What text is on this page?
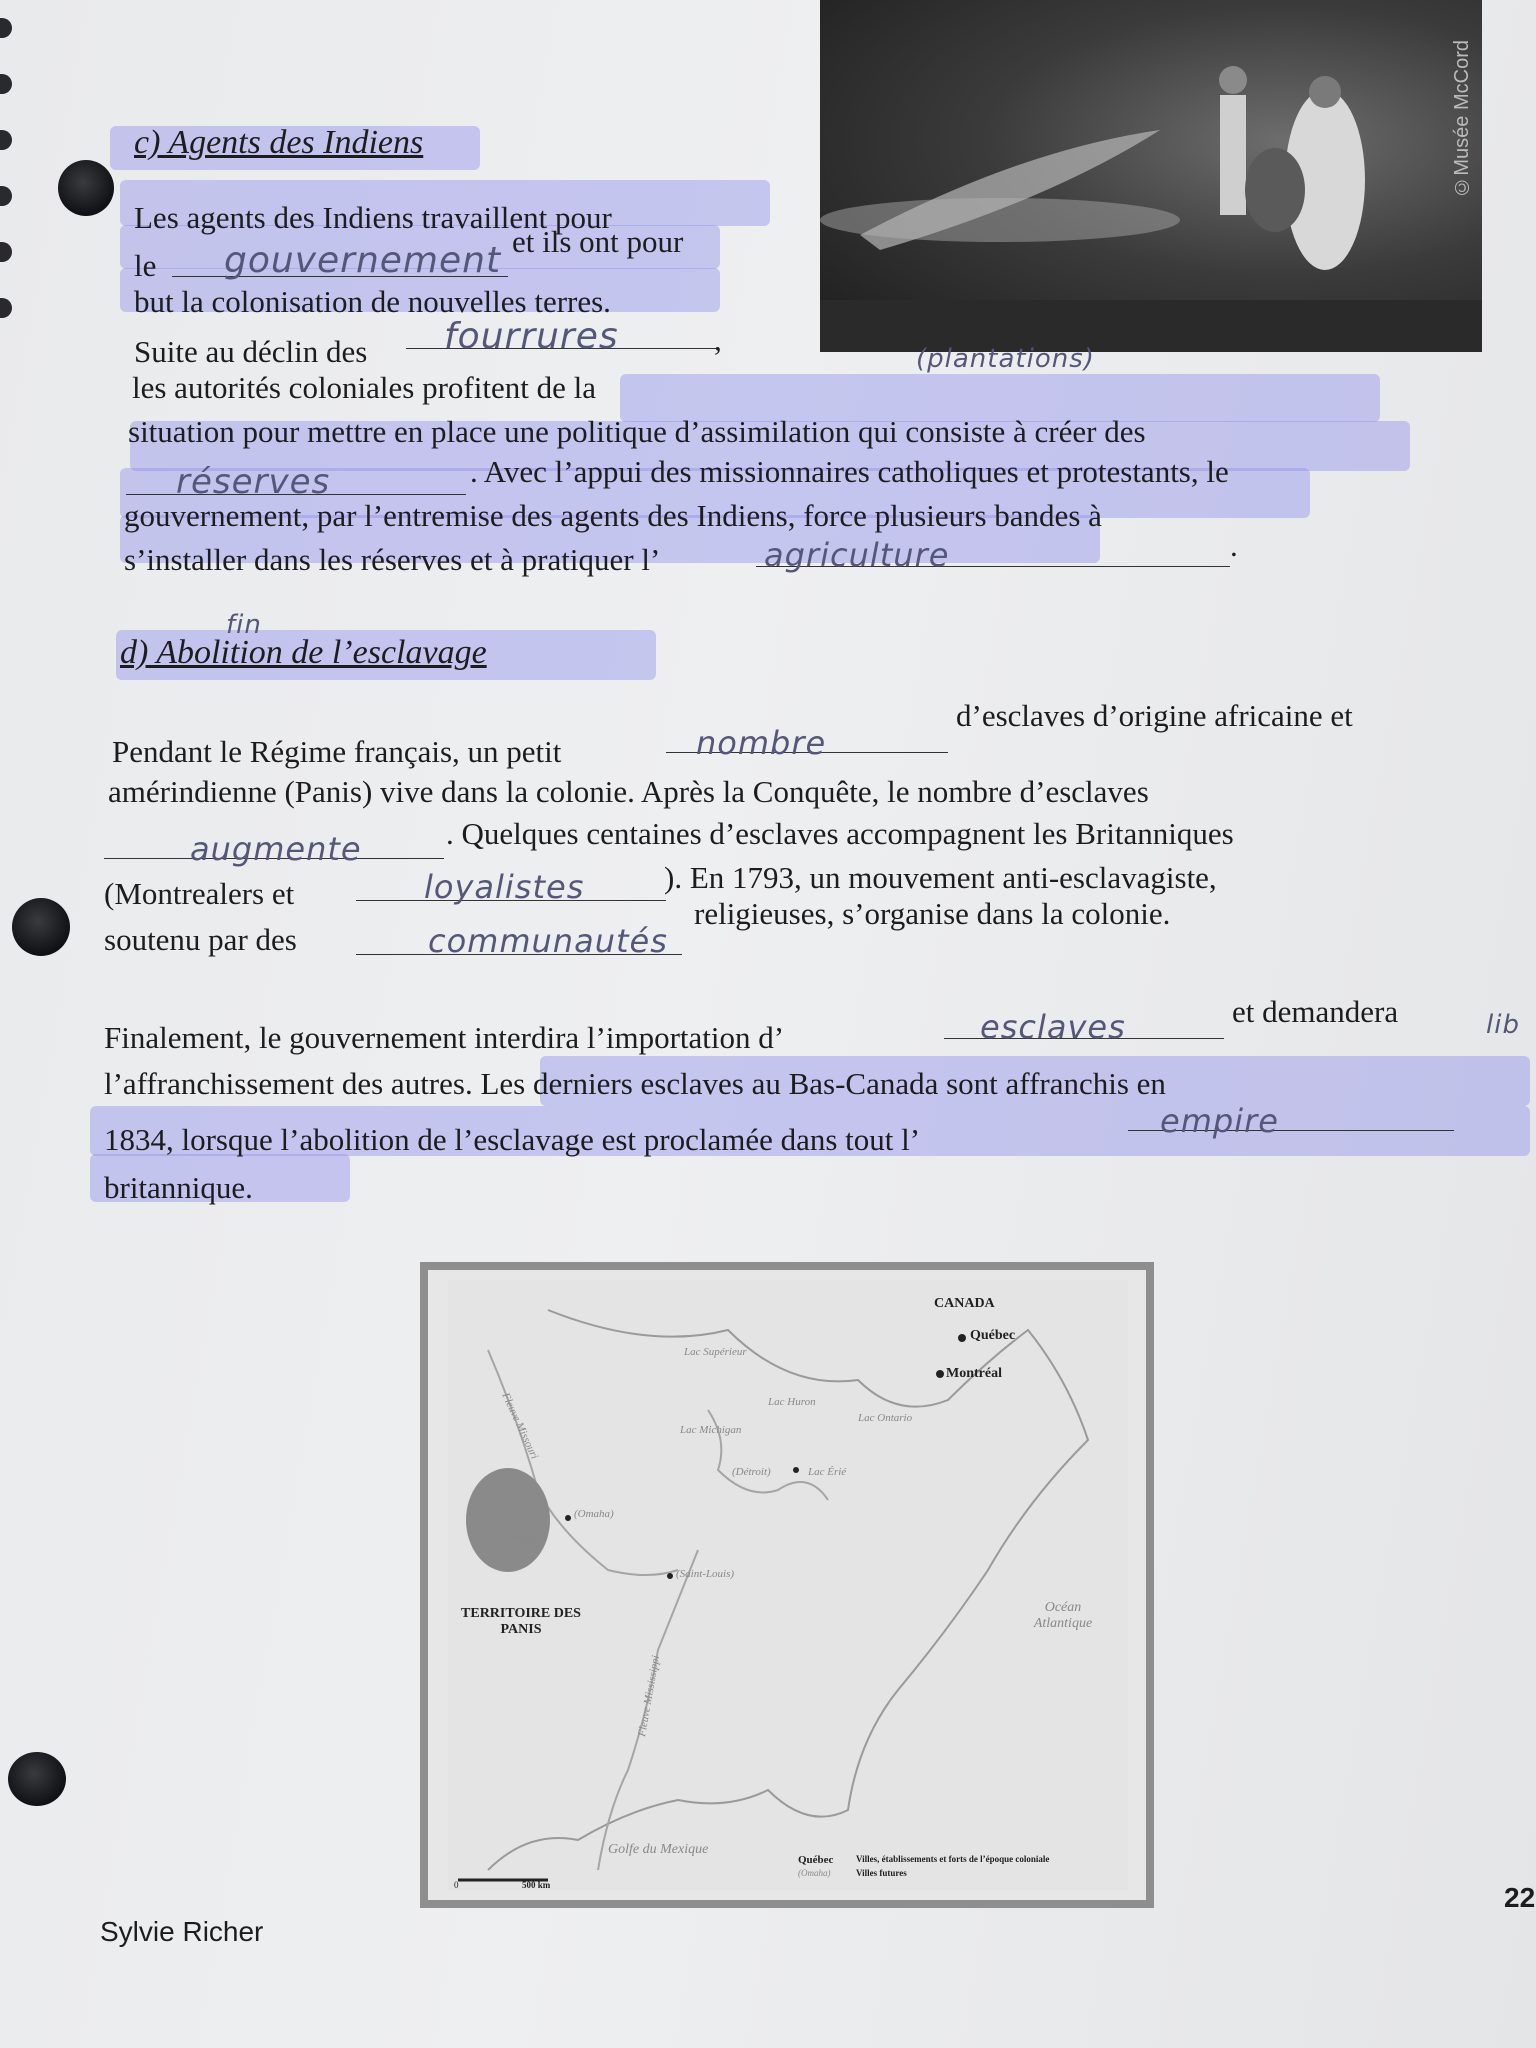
©Musée McCord
c) Agents des Indiens
Les agents des Indiens travaillent pour
le gouvernement et ils ont pour
but la colonisation de nouvelles terres.
Suite au déclin des fourrures	,
(plantations)
les autorités coloniales profitent de la
situation pour mettre en place une politique d’assimilation qui consiste à créer des
réserves	. Avec l’appui des missionnaires catholiques et protestants, le
gouvernement, par l’entremise des agents des Indiens, force plusieurs bandes à
s’installer dans les réserves et à pratiquer l’	agriculture	.
fin
d) Abolition de l’esclavage
Pendant le Régime français, un petit	nombre
d’esclaves d’origine africaine et
amérindienne (Panis) vive dans la colonie. Après la Conquête, le nombre d’esclaves
augmente	. Quelques centaines d’esclaves accompagnent les Britanniques
(Montrealers et	loyalistes	). En 1793, un mouvement anti-esclavagiste,
soutenu par des	communautés
religieuses, s’organise dans la colonie.
Finalement, le gouvernement interdira l’importation d’	esclaves	et demandera	lib
l’affranchissement des autres. Les derniers esclaves au Bas-Canada sont affranchis en
1834, lorsque l’abolition de l’esclavage est proclamée dans tout l’	empire
britannique.
CANADA
Québec
Montréal
TERRITOIRE DES PANIS
Océan Atlantique
Golfe du Mexique
Lac Supérieur
Lac Michigan
Lac Huron
Lac Ontario
Lac Érié
(Détroit)
(Omaha)
(Saint-Louis)
Fleuve Missouri
Fleuve Mississippi
Platte
Québec	Villes, établissements et forts de l’époque coloniale
(Omaha)	Villes futures
0	500 km
Sylvie Richer
22
